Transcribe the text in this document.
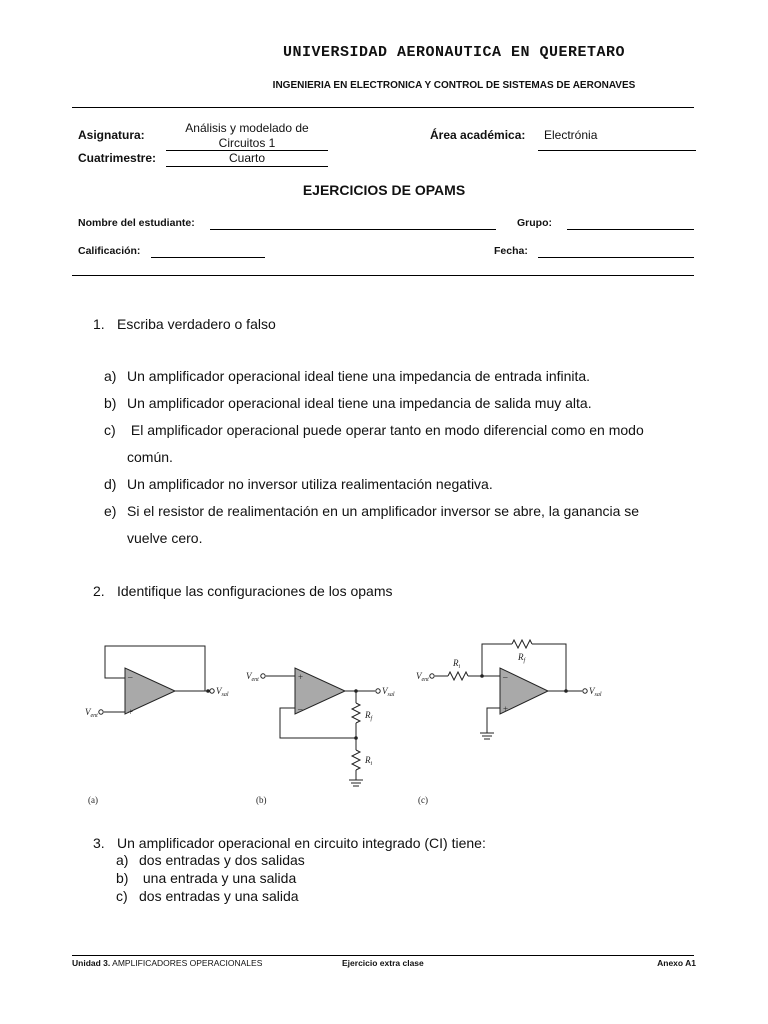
UNIVERSIDAD AERONAUTICA EN QUERETARO
INGENIERIA EN ELECTRONICA Y CONTROL DE SISTEMAS DE AERONAVES
Asignatura:	Análisis y modelado de
Circuitos 1
Cuatrimestre:	Cuarto
Área académica: Electrónia
EJERCICIOS DE OPAMS
Nombre del estudiante:	Grupo:
Calificación:	Fecha:
1. Escriba verdadero o falso
a) Un amplificador operacional ideal tiene una impedancia de entrada infinita.
b) Un amplificador operacional ideal tiene una impedancia de salida muy alta.
c) El amplificador operacional puede operar tanto en modo diferencial como en modo
común.
d) Un amplificador no inversor utiliza realimentación negativa.
e) Si el resistor de realimentación en un amplificador inversor se abre, la ganancia se
vuelve cero.
2. Identifique las configuraciones de los opams
–
+
$V_{sal}$
$V_{ent}$
(a)
+
–
$V_{ent}$
$V_{sal}$
$R_f$
$R_i$
(b)
–
+
$V_{ent}$
$R_i$
$R_f$
$V_{sal}$
(c)
3. Un amplificador operacional en circuito integrado (CI) tiene:
a) dos entradas y dos salidas
b) una entrada y una salida
c) dos entradas y una salida
Unidad 3. AMPLIFICADORES OPERACIONALES	Ejercicio extra clase	Anexo A1
